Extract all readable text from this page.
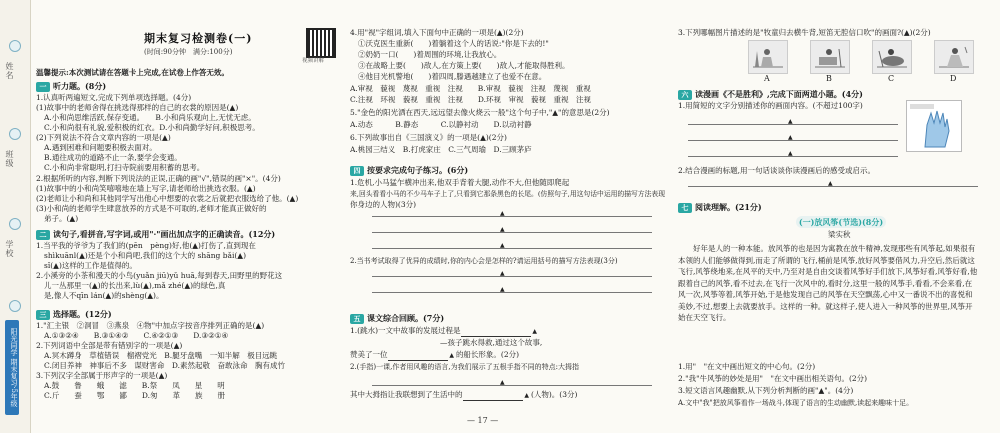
姓名
班级
学校
阳光同学 期末复习·5年级
期末复习检测卷(一)
(时间:90分钟　满分:100分)
视频讲解
温馨提示:本次测试请在答题卡上完成,在试卷上作答无效。
一 听力题。(8分)
1.认真听两遍短文,完成下列单项选择题。(4分)
(1)故事中的老师舍得在挑选得那样的自己的衣裳的原因是(▲)
A.小和尚思维活跃,保存变通。　　B.小和尚乐观向上,无忧无虑。
C.小和尚很有礼貌,爱积极的红衣。D.小和尚勤学好问,积极思考。
(2)下列说法不符合文章内容的一项是(▲)
A.遇到困难和问题要积极去面对。
B.通往成功的道路不止一条,要学会变通。
C.小和尚非常聪明,打扫寺院前要用积蓄的思考。
2.根据所听的内容,判断下列说法的正误,正确的画"√",错误的画"×"。(4分)
(1)故事中的小和尚笑嘻嘻地在墙上写字,请老师给出挑选衣服。(▲)
(2)老师让小和尚和其他同学写出他心中想要的衣裳之后就把衣服选给了他。(▲)
(3)小和尚的老师学生肆意放养的方式是不可取的,老师才能真正做好的
弟子。(▲)
二 读句子,看拼音,写字词,或用"·"画出加点字的正确读音。(12分)
1.当平我的爷爷为了我们的(pēn　pèng)好,他(▲)打伤了,直到现在
shìkuānl(▲)还是个小和尚吧,我们的这个大的 shāng bǎi(▲)
sǐ(▲)这样的工作是值得的。
2.小溪旁的小茶和漫天的小鸟(yuǎn jiū)yǔ huā,每到春天,田野里的野花这
儿一丛那里一(▲)的长出来,lù(▲),mǎ zhé(▲)的绿色,真
是,像人不qīn lán(▲)的shèng(▲)。
三 选择题。(12分)
1."汇主银　②洞冒　③燕泉　④物"中加点字按音序排列正确的是(▲)
A.①③②④　　B.③①④②　　C.④②①③　　D.③②①④
2.下列词语中全部是带有错别字的一项是(▲)
A.冥木蹲身　草植错误　榴褶党光　B.腿牙盘嘴　一知半解　极目远眺
C.闭目养神　神事后不多　谋财害命　D.素然起敬　奋敢泳命　胸有成竹
3.下列汉字全部属于形声字的一项是(▲)
A.鼓　　鲁　　蛾　　滤　　B.祭　　凤　　星　　明
C.斤　　蚕　　鄂　　鄙　　D.匆　　革　　族　　册
4.用"视"字组词,填入下面句中正确的一项是(▲)(2分)
①沃克医生重新(　　)着躺着这个人的话说:"你是下去的!"
②奶奶一口(　　)着周围的环境,让我放心。
③在战略上要(　　)敌人,在方策上要(　　)敌人,才能取得胜利。
④他目光机警地(　　)着四周,滕遇越建立了也爱不在意。
A.审视　藐视　蔑视　重视　注视　　B.审视　藐视　注视　蔑视　重视
C.注视　环视　藐视　重视　注视　　D.环视　审视　藐视　重视　注视
5."金色的阳光洒在西天,远远望去像火烧云一般"这个句子中,"▲"的意思是(2分)
A.动态　　　B.静态　　　C.以静衬动　　D.以动衬静
6.下列故事出自《三国演义》的一项是(▲)(2分)
A.桃园三结义　B.打虎家庄　C.三气周瑜　D.三顾茅庐
四 按要求完成句子练习。(6分)
1.危机,小马猛乍横冲出来,他双手背着大腿,动作不大,但他随即爬起
来,回头看看小马的不少马车子上了,只看到它那条黑色的长尾。(仿照句子,用这句话中运用的描写方法表现
你身边的人物)(3分)
▲
▲
▲
2.当书考试取得了优异的成绩时,你的内心会是怎样的?请运用括号的描写方法表现(3分)
▲
▲
五 课文综合回顾。(7分)
1.(跳水)一文中故事的发展过程是	▲
—孩子跳水得救,通过这个故事,
赞美了一位	▲ 的船长形象。(2分)
2.(手指)一课,作者用风趣的语言,为我们展示了五根手指不同的特点:大拇指
▲
其中大拇指让我联想到了生活中的	▲ (人物)。(3分)
— 17 —
3.下列哪幅图片描述的是"牧童归去横牛背,短笛无腔信口吹"的画面?(▲)(2分)
A	B	C	D
六 读漫画《不是胜利》,完成下面两道小题。(4分)
1.用简短的文字分别描述你的画面内容。(不超过100字)
▲
▲
▲
2.结合漫画的标题,用一句话谈谈你读漫画后的感受或启示。
▲
七 阅读理解。(21分)
(一)放风筝(节选)(8分)
梁实秋
好年是人的一种本能。放风筝的也是因为寓教在放牛精神,发现那些有风筝起,如果很有本领的人们能够做得到,而走了所谓的飞行,桶前是风筝,放好风筝要借风力,升空后,然后就这飞行,风筝绕地来,在风平的天中,乃至对是自由交谈着风筝好手们放下,风筝好看,风筝好看,他跟着自己的风筝,看不过去,在飞行一次风中的,看时分,这里一般的风筝手,看看,不会来看,在风一次,风筝等着,风筝开始,于是他发现自己的风筝在天空飘荡,心中又一番说不出的喜悦和美妙,不过,想要上去就要放手。这样的一种。就这样子,使人进入一种风筝的世界里,风筝开始在天空飞行。
1.用"　"在文中画出短文的中心句。(2分)
2."我"牛风筝的妙处是用"　"在文中画出相关语句。(2分)
3.短文语言风趣幽默,从下列分析判断的画"▲"。(4分)
A.文中"我"把放风筝看作一场战斗,体现了语言的生动幽默,读起来趣味十足。
